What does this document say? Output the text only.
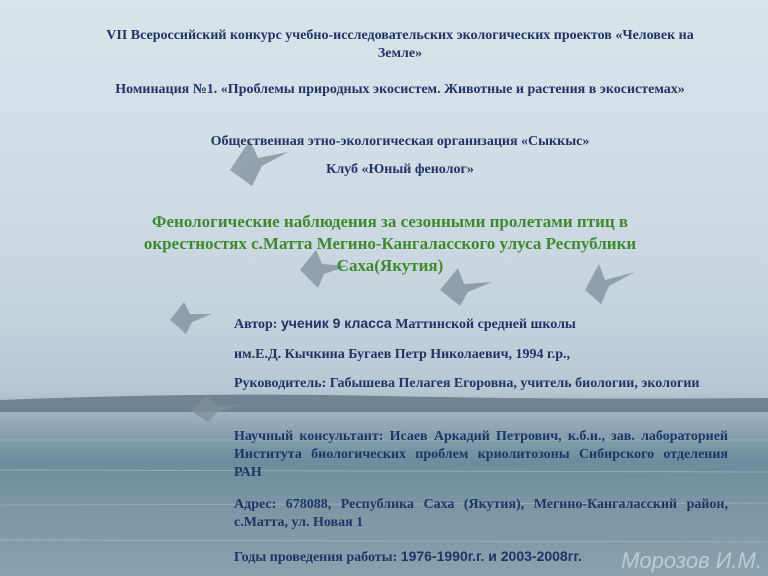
VII Всероссийский конкурс учебно-исследовательских экологических проектов «Человек на Земле»
Номинация №1. «Проблемы природных экосистем. Животные и растения в экосистемах»
Общественная этно-экологическая организация «Сыккыс»
Клуб «Юный фенолог»
Фенологические наблюдения за сезонными пролетами птиц в окрестностях с.Матта Мегино-Кангаласского улуса Республики Саха(Якутия)
Автор: ученик 9 класса Маттинской средней школы
им.Е.Д. Кычкина Бугаев Петр Николаевич, 1994 г.р.,
Руководитель: Габышева Пелагея Егоровна, учитель биологии, экологии
Научный консультант: Исаев Аркадий Петрович, к.б.н., зав. лабораторией Института биологических проблем криолитозоны Сибирского отделения РАН
Адрес: 678088, Республика Саха (Якутия), Мегино-Кангаласский район, с.Матта, ул. Новая 1
Годы проведения работы: 1976-1990г.г. и 2003-2008гг.	Морозов И.М.
